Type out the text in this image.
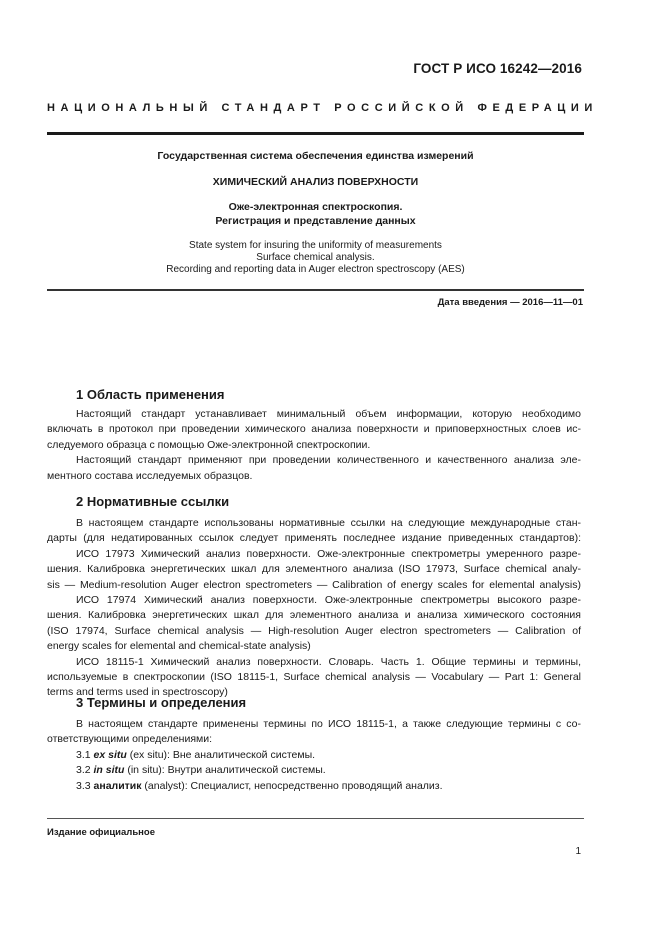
ГОСТ Р ИСО 16242—2016
НАЦИОНАЛЬНЫЙ СТАНДАРТ РОССИЙСКОЙ ФЕДЕРАЦИИ
Государственная система обеспечения единства измерений
ХИМИЧЕСКИЙ АНАЛИЗ ПОВЕРХНОСТИ
Оже-электронная спектроскопия.
Регистрация и представление данных
State system for insuring the uniformity of measurements
Surface chemical analysis.
Recording and reporting data in Auger electron spectroscopy (AES)
Дата введения — 2016—11—01
1 Область применения
Настоящий стандарт устанавливает минимальный объем информации, которую необходимо
включать в протокол при проведении химического анализа поверхности и приповерхностных слоев ис-
следуемого образца с помощью Оже-электронной спектроскопии.
Настоящий стандарт применяют при проведении количественного и качественного анализа эле-
ментного состава исследуемых образцов.
2 Нормативные ссылки
В настоящем стандарте использованы нормативные ссылки на следующие международные стан-
дарты (для недатированных ссылок следует применять последнее издание приведенных стандартов):
ИСО 17973 Химический анализ поверхности. Оже-электронные спектрометры умеренного разре-
шения. Калибровка энергетических шкал для элементного анализа (ISO 17973, Surface chemical analy-
sis — Medium-resolution Auger electron spectrometers — Calibration of energy scales for elemental analysis)
ИСО 17974 Химический анализ поверхности. Оже-электронные спектрометры высокого разре-
шения. Калибровка энергетических шкал для элементного анализа и анализа химического состояния
(ISO 17974, Surface chemical analysis — High-resolution Auger electron spectrometers — Calibration of
energy scales for elemental and chemical-state analysis)
ИСО 18115-1 Химический анализ поверхности. Словарь. Часть 1. Общие термины и термины,
используемые в спектроскопии (ISO 18115-1, Surface chemical analysis — Vocabulary — Part 1: General
terms and terms used in spectroscopy)
3 Термины и определения
В настоящем стандарте применены термины по ИСО 18115-1, а также следующие термины с со-
ответствующими определениями:
3.1 ex situ (ex situ): Вне аналитической системы.
3.2 in situ (in situ): Внутри аналитической системы.
3.3 аналитик (analyst): Специалист, непосредственно проводящий анализ.
Издание официальное
1
